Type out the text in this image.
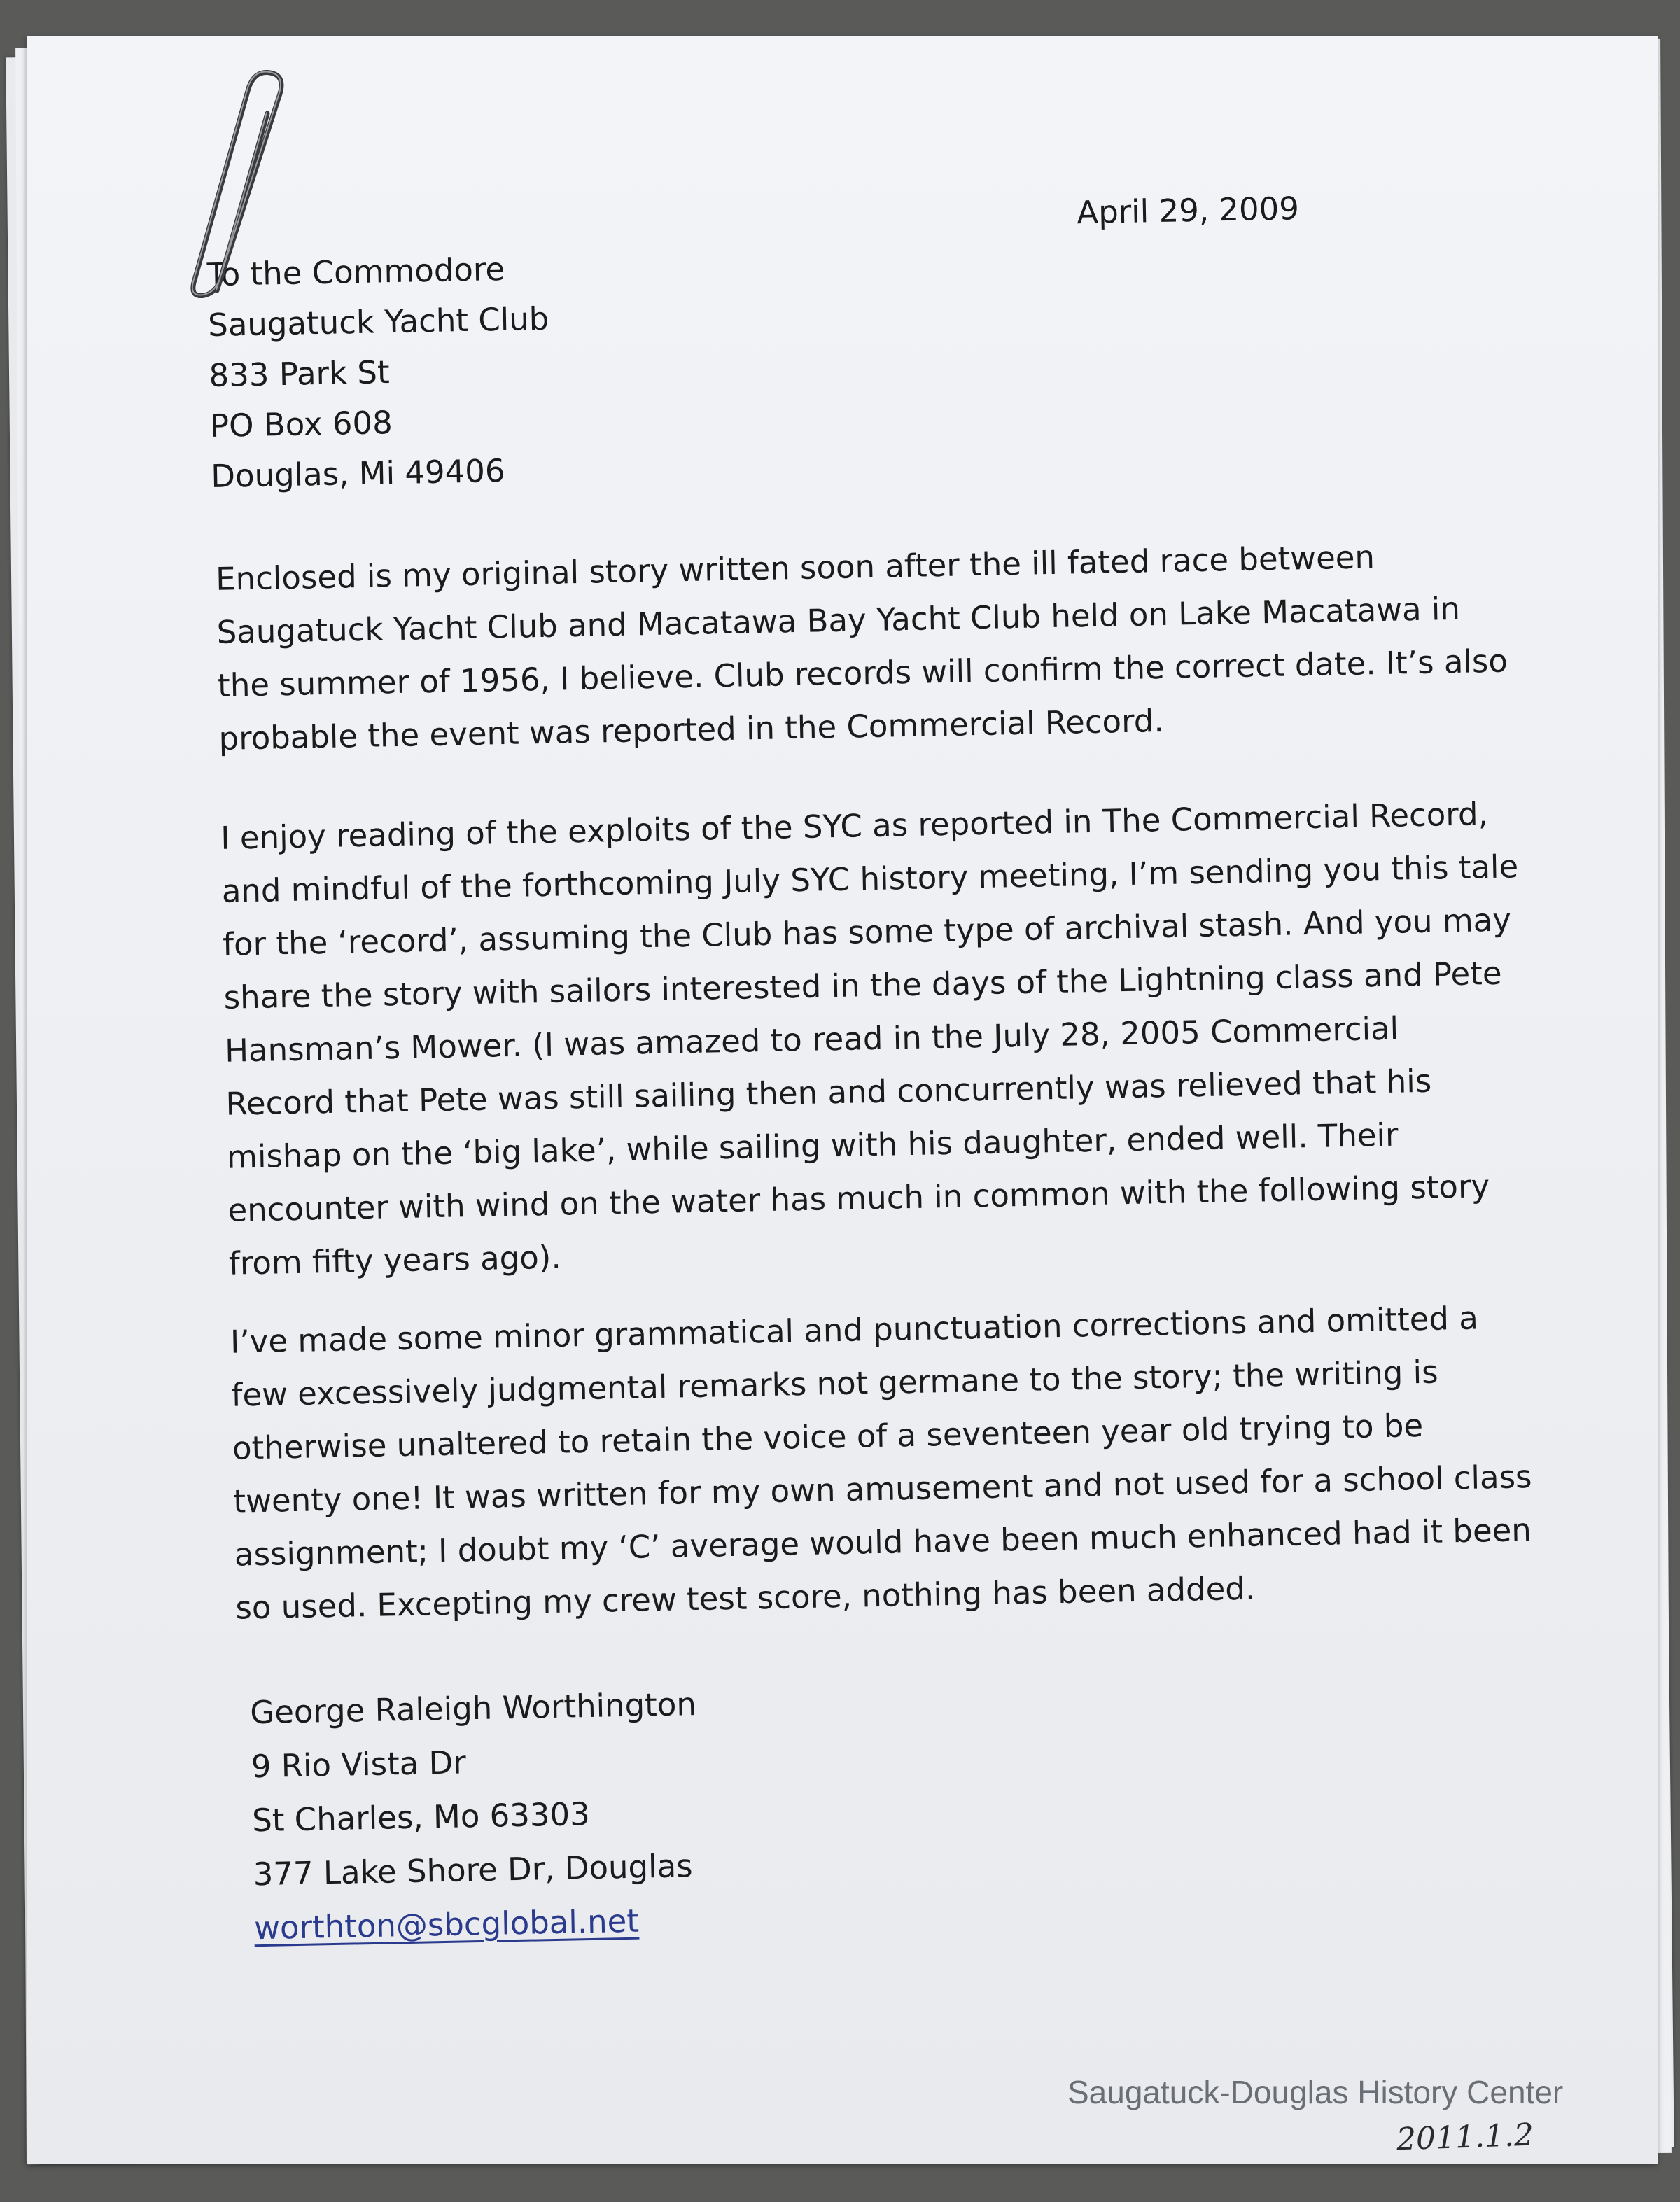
April 29, 2009
To the Commodore
Saugatuck Yacht Club
833 Park St
PO Box 608
Douglas, Mi 49406

Enclosed is my original story written soon after the ill fated race between
Saugatuck Yacht Club and Macatawa Bay Yacht Club held on Lake Macatawa in
the summer of 1956, I believe. Club records will confirm the correct date. It’s also
probable the event was reported in the Commercial Record.

I enjoy reading of the exploits of the SYC as reported in The Commercial Record,
and mindful of the forthcoming July SYC history meeting, I’m sending you this tale
for the ‘record’, assuming the Club has some type of archival stash. And you may
share the story with sailors interested in the days of the Lightning class and Pete
Hansman’s Mower. (I was amazed to read in the July 28, 2005 Commercial
Record that Pete was still sailing then and concurrently was relieved that his
mishap on the ‘big lake’, while sailing with his daughter, ended well. Their
encounter with wind on the water has much in common with the following story
from fifty years ago).

I’ve made some minor grammatical and punctuation corrections and omitted a
few excessively judgmental remarks not germane to the story; the writing is
otherwise unaltered to retain the voice of a seventeen year old trying to be
twenty one! It was written for my own amusement and not used for a school class
assignment; I doubt my ‘C’ average would have been much enhanced had it been
so used. Excepting my crew test score, nothing has been added.

George Raleigh Worthington
9 Rio Vista Dr
St Charles, Mo 63303
377 Lake Shore Dr, Douglas
worthton@sbcglobal.net
Saugatuck-Douglas History Center
2011.1.2
